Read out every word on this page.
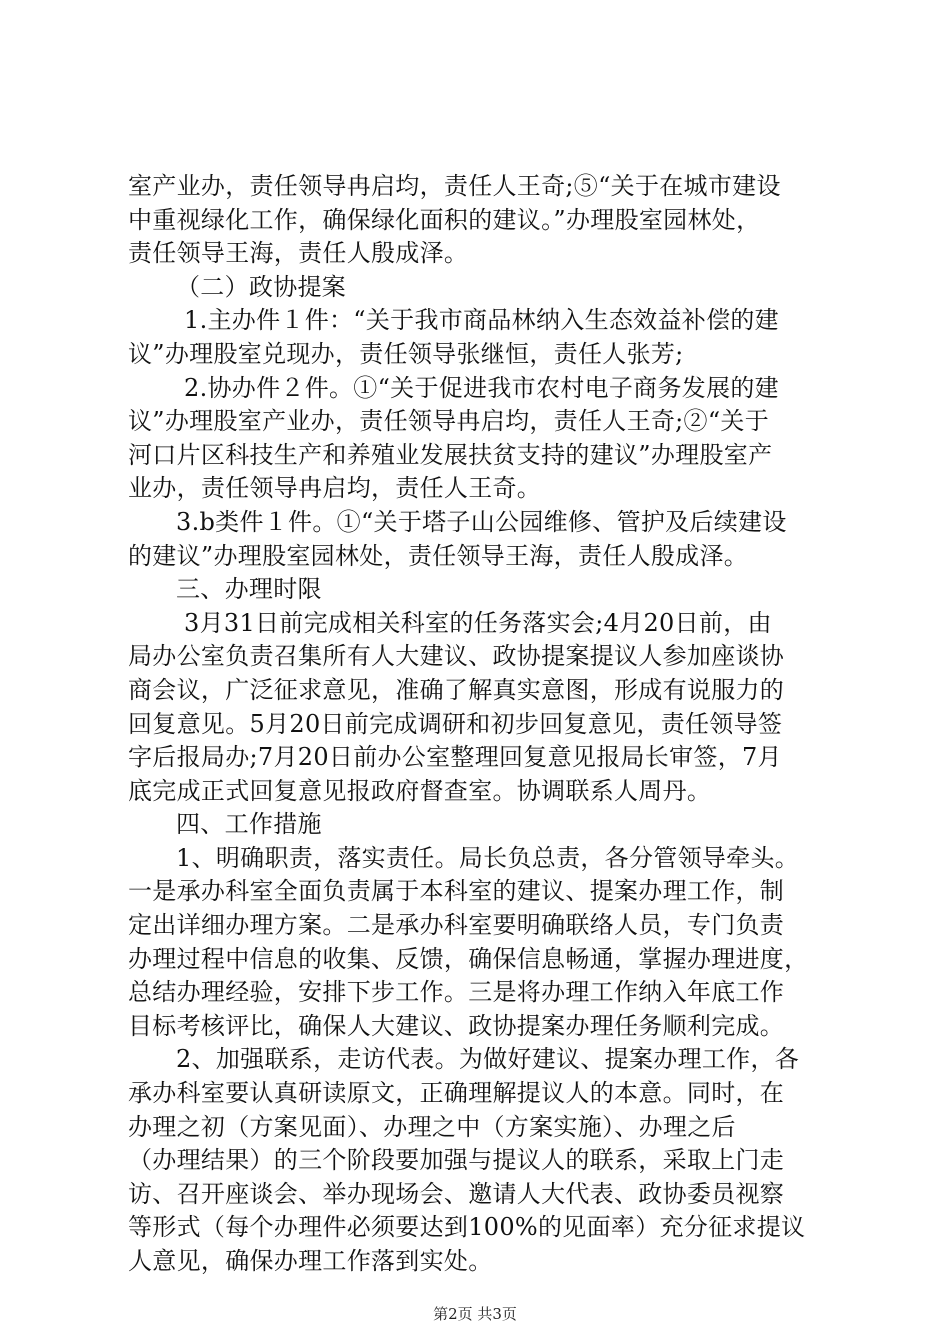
室产业办，责任领导冉启均，责任人王奇;⑤“关于在城市建设
中重视绿化工作，确保绿化面积的建议。”办理股室园林处，
责任领导王海，责任人殷成泽。
（二）政协提案
1.主办件１件：“关于我市商品林纳入生态效益补偿的建
议”办理股室兑现办，责任领导张继恒，责任人张芳;
2.协办件２件。①“关于促进我市农村电子商务发展的建
议”办理股室产业办，责任领导冉启均，责任人王奇;②“关于
河口片区科技生产和养殖业发展扶贫支持的建议”办理股室产
业办，责任领导冉启均，责任人王奇。
3.b类件１件。①“关于塔子山公园维修、管护及后续建设
的建议”办理股室园林处，责任领导王海，责任人殷成泽。
三、办理时限
3月31日前完成相关科室的任务落实会;4月20日前，由
局办公室负责召集所有人大建议、政协提案提议人参加座谈协
商会议，广泛征求意见，准确了解真实意图，形成有说服力的
回复意见。5月20日前完成调研和初步回复意见，责任领导签
字后报局办;7月20日前办公室整理回复意见报局长审签，7月
底完成正式回复意见报政府督查室。协调联系人周丹。
四、工作措施
1、明确职责，落实责任。局长负总责，各分管领导牵头。
一是承办科室全面负责属于本科室的建议、提案办理工作，制
定出详细办理方案。二是承办科室要明确联络人员，专门负责
办理过程中信息的收集、反馈，确保信息畅通，掌握办理进度，
总结办理经验，安排下步工作。三是将办理工作纳入年底工作
目标考核评比，确保人大建议、政协提案办理任务顺利完成。
2、加强联系，走访代表。为做好建议、提案办理工作，各
承办科室要认真研读原文，正确理解提议人的本意。同时，在
办理之初（方案见面）、办理之中（方案实施）、办理之后
（办理结果）的三个阶段要加强与提议人的联系，采取上门走
访、召开座谈会、举办现场会、邀请人大代表、政协委员视察
等形式（每个办理件必须要达到100%的见面率）充分征求提议
人意见，确保办理工作落到实处。
第2页 共3页
